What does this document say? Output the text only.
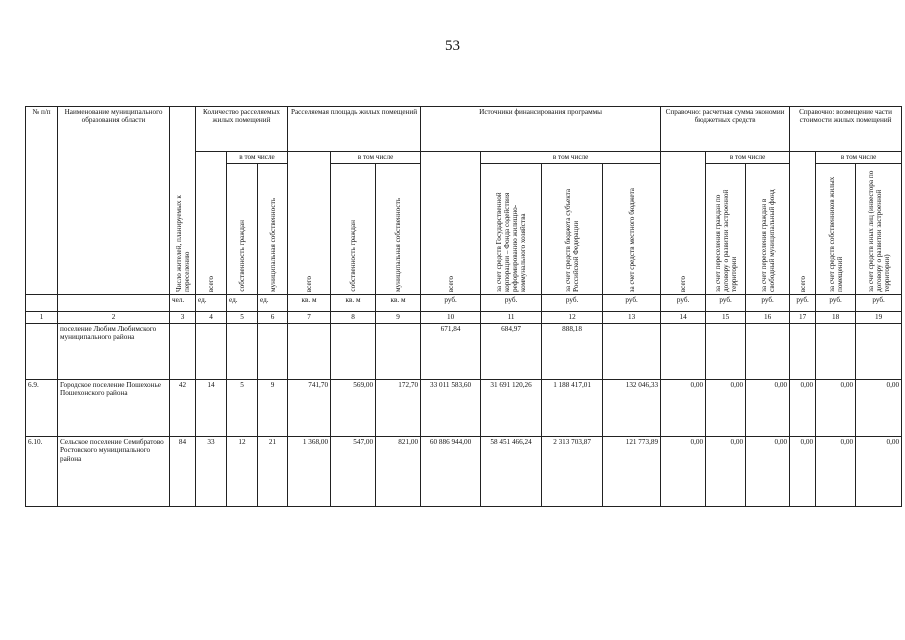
53
№ п/п	Наименование муниципального образования области	Число жителей, планируемых к переселению	Количество расселяемых жилых помещений			Расселяемая площадь жилых помещений			Источники финансирования программы				Справочно: расчетная сумма экономии бюджетных средств			Справочно: возмещение части стоимости жилых помещений		

			всего	в том числе		всего	в том числе		всего	в том числе			всего	в том числе		всего	в том числе	

				собственность граждан	муниципальная собственность		собственность граждан	муниципальная собственность		за счет средств Государственной корпорации – Фонда содействия реформированию жилищно-коммунального хозяйства	за счет средств бюджета субъекта Российской Федерации	за счет средств местного бюджета		за счет переселения граждан по договору о развитии застроенной территории	за счет переселения граждан в свободный муниципальный фонд		за счет средств собственников жилых помещений	за счет средств иных лиц (инвестора по договору о развитии застроенной территории)

		чел.	ед.	ед.	ед.	кв. м	кв. м	кв. м	руб.	руб.	руб.	руб.	руб.	руб.	руб.	руб.	руб.	руб.
1	2	3	4	5	6	7	8	9	10	11	12	13	14	15	16	17	18	19
	поселение Любим Любимского муниципального района								671,84	684,97	888,18							
6.9.	Городское поселение Пошехонье Пошехонского района	42	14	5	9	741,70	569,00	172,70	33 011 583,60	31 691 120,26	1 188 417,01	132 046,33	0,00	0,00	0,00	0,00	0,00	0,00
6.10.	Сельское поселение Семибратово Ростовского муниципального района	84	33	12	21	1 368,00	547,00	821,00	60 886 944,00	58 451 466,24	2 313 703,87	121 773,89	0,00	0,00	0,00	0,00	0,00	0,00
